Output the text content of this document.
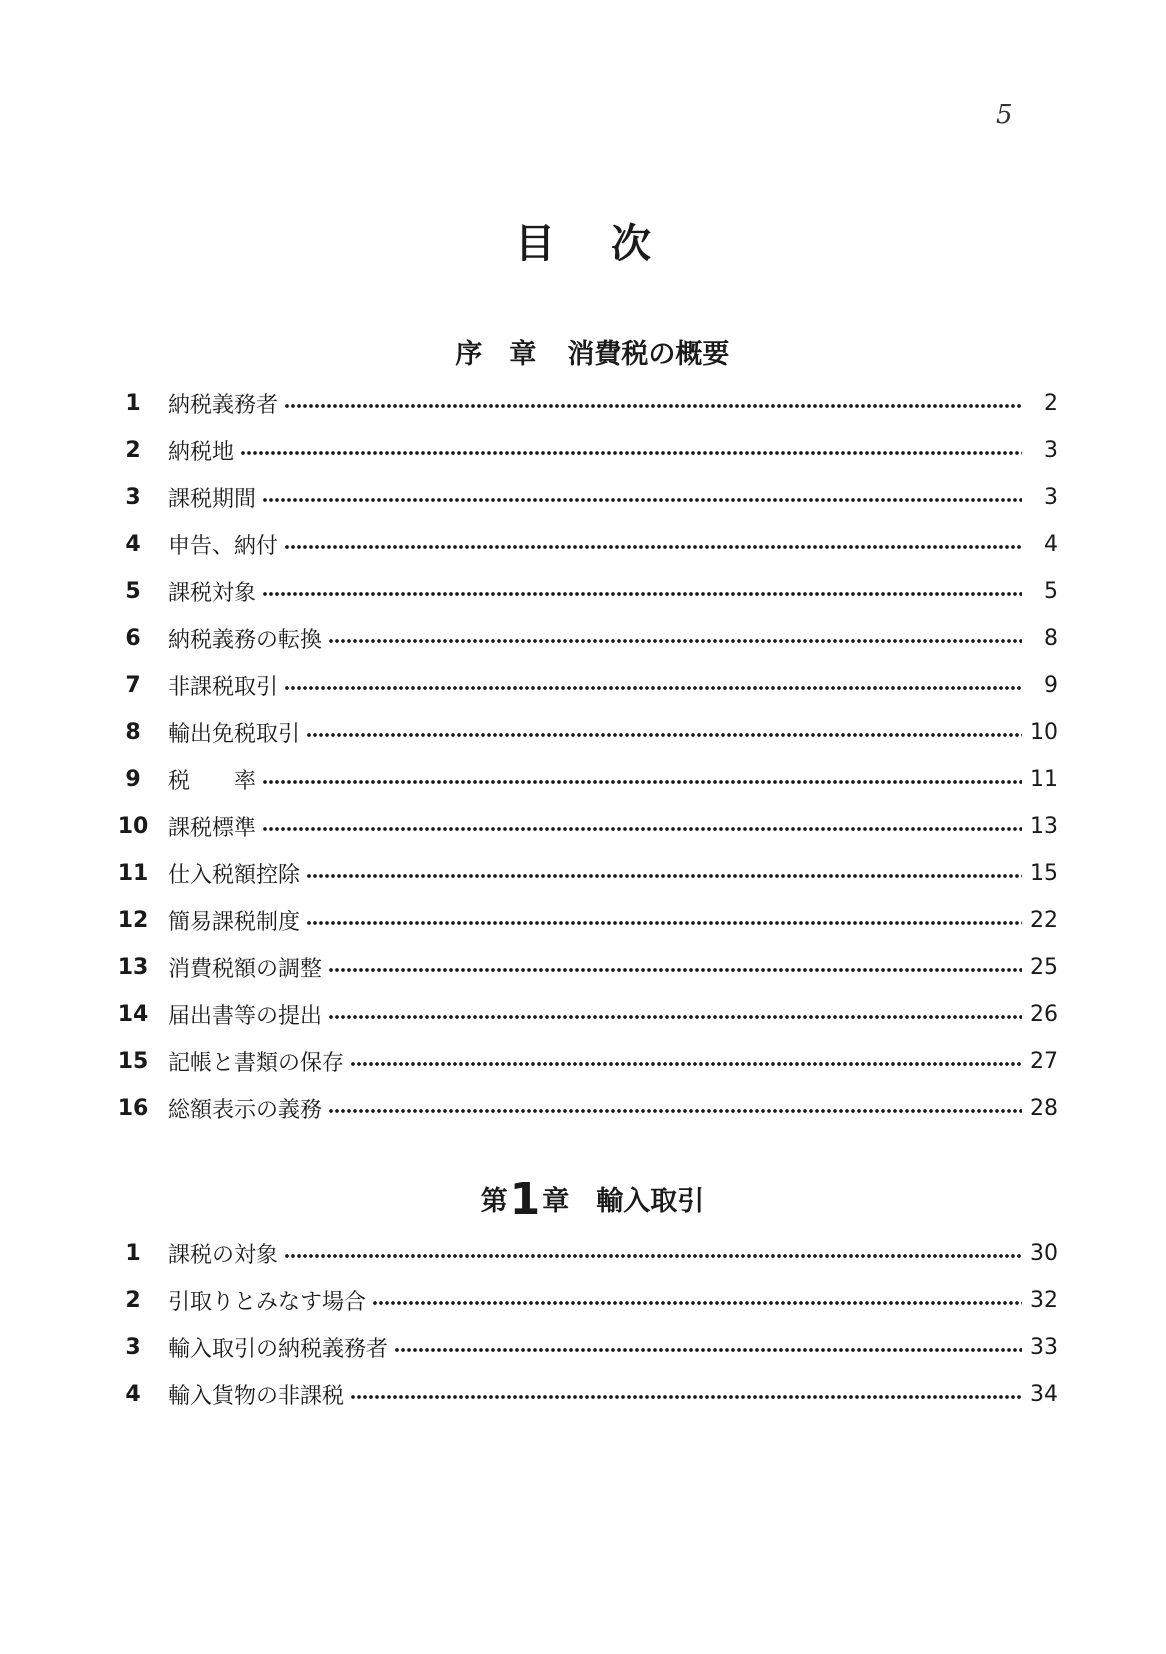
5
目次

序　章　消費税の概要

1	納税義務者	2
2	納税地	3
3	課税期間	3
4	申告、納付	4
5	課税対象	5
6	納税義務の転換	8
7	非課税取引	9
8	輸出免税取引	10
9	税　　率	11
10 課税標準	13
11 仕入税額控除	15
12 簡易課税制度	22
13 消費税額の調整	25
14 届出書等の提出	26
15 記帳と書類の保存	27
16 総額表示の義務	28

第1章　輸入取引

1	課税の対象	30
2	引取りとみなす場合	32
3	輸入取引の納税義務者	33
4	輸入貨物の非課税	34
